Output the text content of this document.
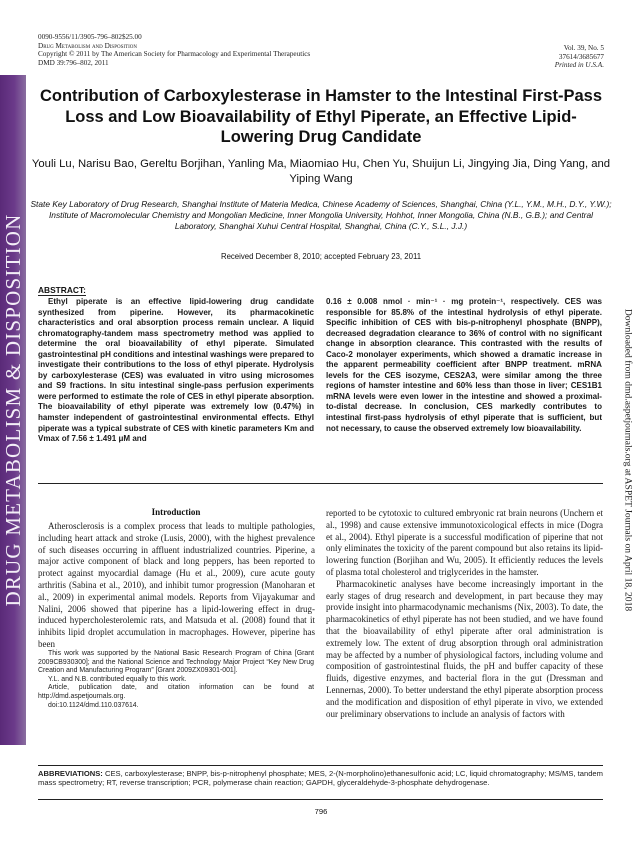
DRUG METABOLISM & DISPOSITION
0090-9556/11/3905-796–802$25.00
Drug Metabolism and Disposition
Copyright © 2011 by The American Society for Pharmacology and Experimental Therapeutics
DMD 39:796–802, 2011
Vol. 39, No. 5
37614/3685677
Printed in U.S.A.
Contribution of Carboxylesterase in Hamster to the Intestinal First-Pass Loss and Low Bioavailability of Ethyl Piperate, an Effective Lipid-Lowering Drug Candidate
Youli Lu, Narisu Bao, Gereltu Borjihan, Yanling Ma, Miaomiao Hu, Chen Yu, Shuijun Li, Jingying Jia, Ding Yang, and Yiping Wang
State Key Laboratory of Drug Research, Shanghai Institute of Materia Medica, Chinese Academy of Sciences, Shanghai, China (Y.L., Y.M., M.H., D.Y., Y.W.); Institute of Macromolecular Chemistry and Mongolian Medicine, Inner Mongolia University, Hohhot, Inner Mongolia, China (N.B., G.B.); and Central Laboratory, Shanghai Xuhui Central Hospital, Shanghai, China (C.Y., S.L., J.J.)
Received December 8, 2010; accepted February 23, 2011
Downloaded from dmd.aspetjournals.org at ASPET Journals on April 18, 2018
ABSTRACT:

Ethyl piperate is an effective lipid-lowering drug candidate synthesized from piperine. However, its pharmacokinetic characteristics and oral absorption process remain unclear. A liquid chromatography-tandem mass spectrometry method was applied to determine the oral bioavailability of ethyl piperate. Simulated gastrointestinal pH conditions and intestinal washings were prepared to investigate their contributions to the loss of ethyl piperate. Hydrolysis by carboxylesterase (CES) was evaluated in vitro using microsomes and S9 fractions. In situ intestinal single-pass perfusion experiments were performed to estimate the role of CES in ethyl piperate absorption. The bioavailability of ethyl piperate was extremely low (0.47%) in hamster independent of gastrointestinal environmental effects. Ethyl piperate was a typical substrate of CES with kinetic parameters Km and Vmax of 7.56 ± 1.491 μM and

0.16 ± 0.008 nmol · min⁻¹ · mg protein⁻¹, respectively. CES was responsible for 85.8% of the intestinal hydrolysis of ethyl piperate. Specific inhibition of CES with bis-p-nitrophenyl phosphate (BNPP), decreased degradation clearance to 36% of control with no significant change in absorption clearance. This contrasted with the results of Caco-2 monolayer experiments, which showed a dramatic increase in the apparent permeability coefficient after BNPP treatment. mRNA levels for the CES isozyme, CES2A3, were similar among the three regions of hamster intestine and 60% less than those in liver; CES1B1 mRNA levels were even lower in the intestine and showed a proximal-to-distal decrease. In conclusion, CES markedly contributes to intestinal first-pass hydrolysis of ethyl piperate that is sufficient, but not necessary, to cause the observed extremely low bioavailability.

Introduction

Atherosclerosis is a complex process that leads to multiple pathologies, including heart attack and stroke (Lusis, 2000), with the highest prevalence of such diseases occurring in affluent industrialized countries. Piperine, a major active component of black and long peppers, has been reported to protect against myocardial damage (Hu et al., 2009), cure acute gouty arthritis (Sabina et al., 2010), and inhibit tumor progression (Manoharan et al., 2009) in experimental animal models. Reports from Vijayakumar and Nalini, 2006 showed that piperine has a lipid-lowering effect in drug-induced hypercholesterolemic rats, and Matsuda et al. (2008) found that it inhibits lipid droplet accumulation in macrophages. However, piperine has been

reported to be cytotoxic to cultured embryonic rat brain neurons (Unchern et al., 1998) and cause extensive immunotoxicological effects in mice (Dogra et al., 2004). Ethyl piperate is a successful modification of piperine that not only eliminates the toxicity of the parent compound but also retains its lipid-lowering function (Borjihan and Wu, 2005). It efficiently reduces the levels of plasma total cholesterol and triglycerides in the hamster.

Pharmacokinetic analyses have become increasingly important in the early stages of drug research and development, in part because they may provide insight into pharmacodynamic mechanisms (Nix, 2003). To date, the pharmacokinetics of ethyl piperate has not been studied, and we have found that the bioavailability of ethyl piperate after oral administration is extremely low. The extent of drug absorption through oral administration may be affected by a number of physiological factors, including volume and composition of gastrointestinal fluids, the pH and buffer capacity of these fluids, digestive enzymes, and bacterial flora in the gut (Dressman and Lennernas, 2000). To better understand the ethyl piperate absorption process and the modification and disposition of ethyl piperate in vivo, we extended our preliminary observations to include an analysis of factors with

This work was supported by the National Basic Research Program of China [Grant 2009CB930300]; and the National Science and Technology Major Project “Key New Drug Creation and Manufacturing Program” [Grant 2009ZX09301-001].

Y.L. and N.B. contributed equally to this work.

Article, publication date, and citation information can be found at http://dmd.aspetjournals.org.

doi:10.1124/dmd.110.037614.

ABBREVIATIONS: CES, carboxylesterase; BNPP, bis-p-nitrophenyl phosphate; MES, 2-(N-morpholino)ethanesulfonic acid; LC, liquid chromatography; MS/MS, tandem mass spectrometry; RT, reverse transcription; PCR, polymerase chain reaction; GAPDH, glyceraldehyde-3-phosphate dehydrogenase.
796
